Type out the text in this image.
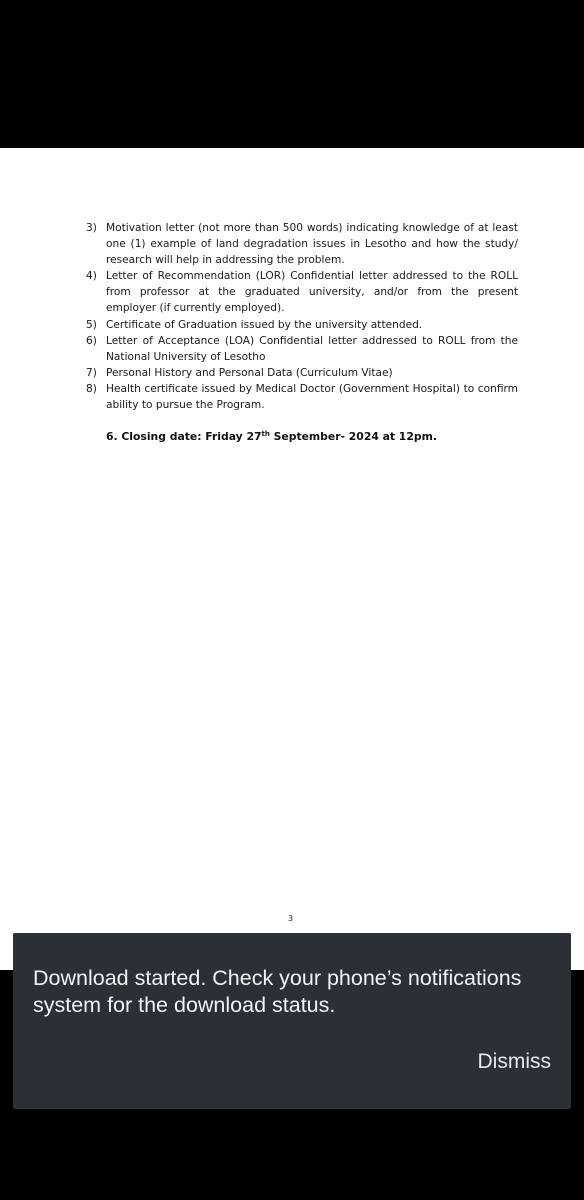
3) Motivation letter (not more than 500 words) indicating knowledge of at least one (1) example of land degradation issues in Lesotho and how the study/ research will help in addressing the problem.
4) Letter of Recommendation (LOR) Confidential letter addressed to the ROLL from professor at the graduated university, and/or from the present employer (if currently employed).
5) Certificate of Graduation issued by the university attended.
6) Letter of Acceptance (LOA) Confidential letter addressed to ROLL from the National University of Lesotho
7) Personal History and Personal Data (Curriculum Vitae)
8) Health certificate issued by Medical Doctor (Government Hospital) to confirm ability to pursue the Program.
6. Closing date: Friday 27th September- 2024 at 12pm.
3
Download started. Check your phone’s notifications system for the download status.
Dismiss
